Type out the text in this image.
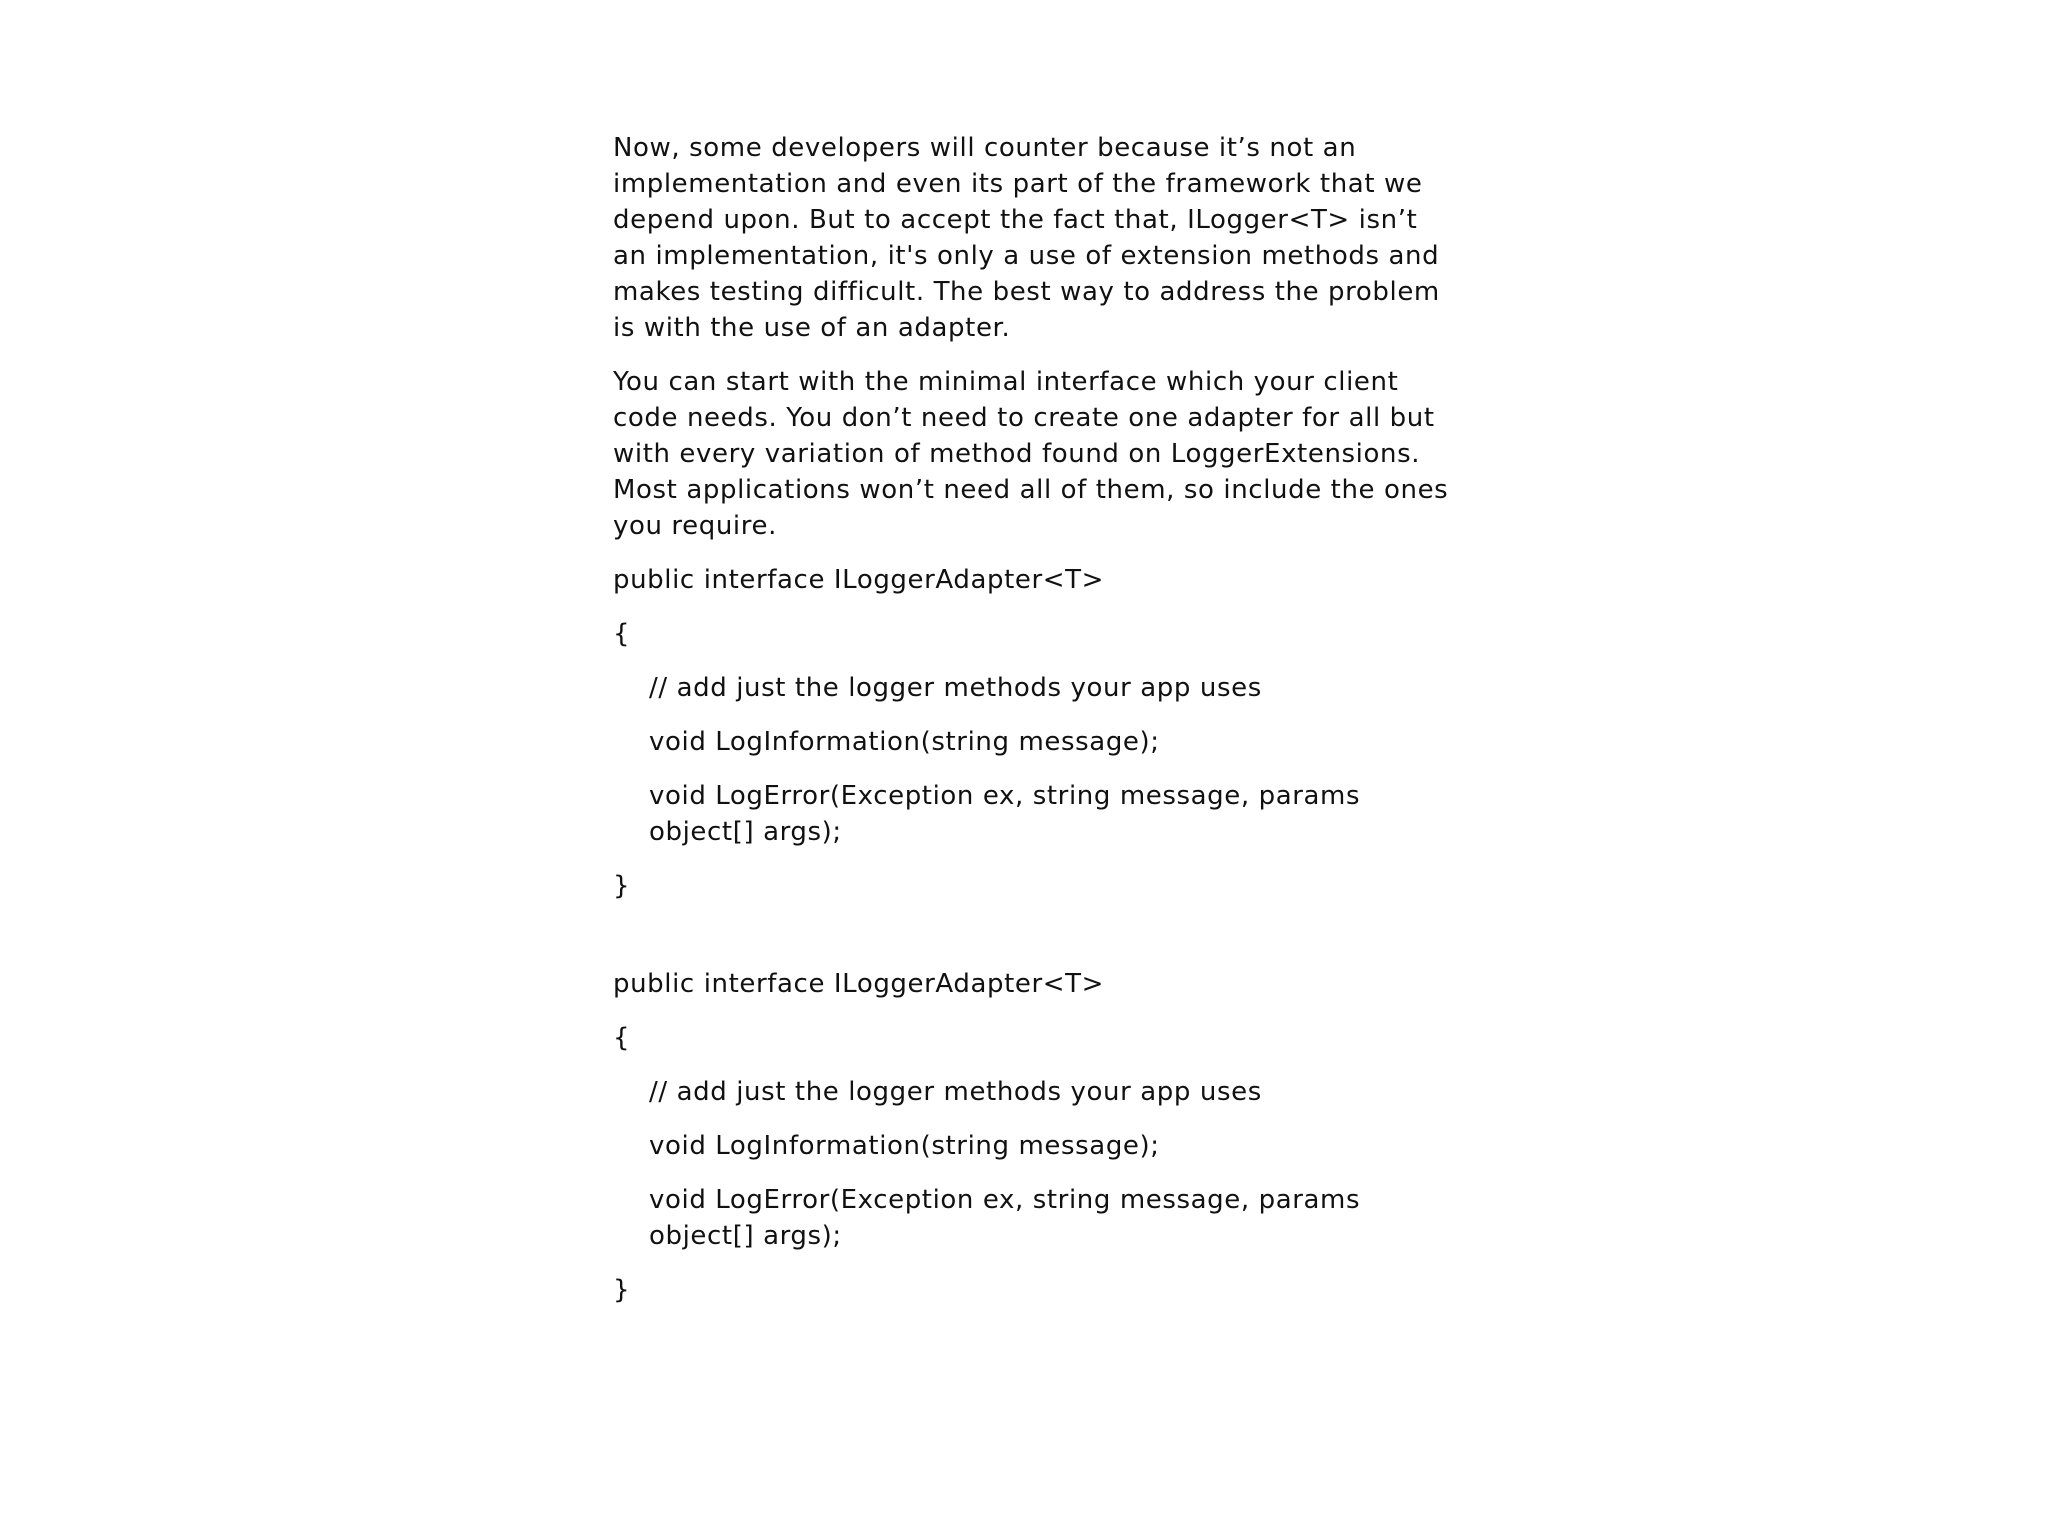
Now, some developers will counter because it’s not an implementation and even its part of the framework that we depend upon. But to accept the fact that, ILogger<T> isn’t an implementation, it's only a use of extension methods and makes testing difficult. The best way to address the problem is with the use of an adapter.

You can start with the minimal interface which your client code needs. You don’t need to create one adapter for all but with every variation of method found on LoggerExtensions. Most applications won’t need all of them, so include the ones you require.

public interface ILoggerAdapter<T>
{
// add just the logger methods your app uses
void LogInformation(string message);
void LogError(Exception ex, string message, params object[] args);
}
public interface ILoggerAdapter<T>
{
// add just the logger methods your app uses
void LogInformation(string message);
void LogError(Exception ex, string message, params object[] args);
}
